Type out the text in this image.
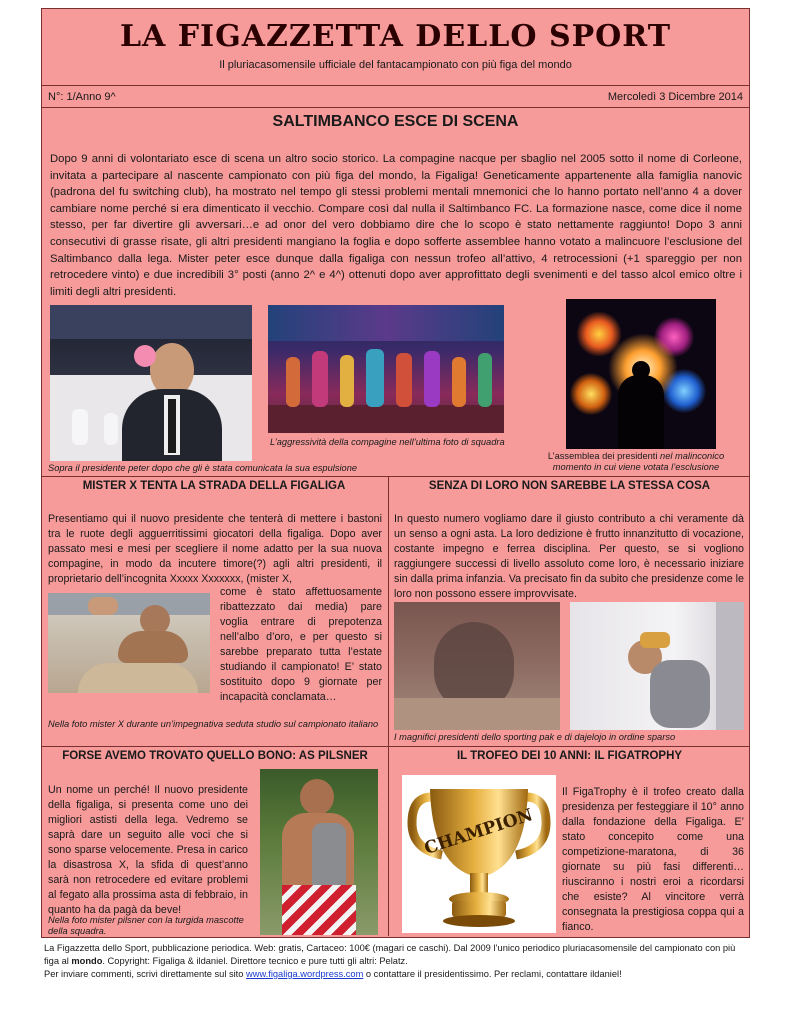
LA FIGAZZETTA DELLO SPORT
Il pluriacasomensile ufficiale del fantacampionato con più figa del mondo
N°: 1/Anno 9^	Mercoledì 3 Dicembre 2014
SALTIMBANCO ESCE DI SCENA
Dopo 9 anni di volontariato esce di scena un altro socio storico. La compagine nacque per sbaglio nel 2005 sotto il nome di Corleone, invitata a partecipare al nascente campionato con più figa del mondo, la Figaliga! Geneticamente appartenente alla famiglia nanovic (padrona del fu switching club), ha mostrato nel tempo gli stessi problemi mentali mnemonici che lo hanno portato nell’anno 4 a dover cambiare nome perché si era dimenticato il vecchio. Compare così dal nulla il Saltimbanco FC. La formazione nasce, come dice il nome stesso, per far divertire gli avversari…e ad onor del vero dobbiamo dire che lo scopo è stato nettamente raggiunto! Dopo 3 anni consecutivi di grasse risate, gli altri presidenti mangiano la foglia e dopo sofferte assemblee hanno votato a malincuore l’esclusione del Saltimbanco dalla lega. Mister peter esce dunque dalla figaliga con nessun trofeo all’attivo, 4 retrocessioni (+1 spareggio per non retrocedere vinto) e due incredibili 3° posti (anno 2^ e 4^) ottenuti dopo aver approfittato degli svenimenti e del tasso alcol emico oltre i limiti degli altri presidenti.
Sopra il presidente peter dopo che gli è stata comunicata la sua espulsione
L’aggressività della compagine nell’ultima foto di squadra
L’assemblea dei presidenti nel malinconico momento in cui viene votata l’esclusione
MISTER X TENTA LA STRADA DELLA FIGALIGA
Presentiamo qui il nuovo presidente che tenterà di mettere i bastoni tra le ruote degli agguerritissimi giocatori della figaliga. Dopo aver passato mesi e mesi per scegliere il nome adatto per la sua nuova compagine, in modo da incutere timore(?) agli altri presidenti, il proprietario dell’incognita Xxxxx Xxxxxxx, (mister X,
come è stato affettuosamente ribattezzato dai media) pare voglia entrare di prepotenza nell’albo d’oro, e per questo si sarebbe preparato tutta l’estate studiando il campionato! E’ stato sostituito dopo 9 giornate per incapacità conclamata…
Nella foto mister X durante un’impegnativa seduta studio sul campionato italiano
SENZA DI LORO NON SAREBBE LA STESSA COSA
In questo numero vogliamo dare il giusto contributo a chi veramente dà un senso a ogni asta. La loro dedizione è frutto innanzitutto di vocazione, costante impegno e ferrea disciplina. Per questo, se si vogliono raggiungere successi di livello assoluto come loro, è necessario iniziare sin dalla prima infanzia. Va precisato fin da subito che presidenze come le loro non possono essere improvvisate.
I magnifici presidenti dello sporting pak e di dajelojo in ordine sparso
FORSE AVEMO TROVATO QUELLO BONO: AS PILSNER
Un nome un perché! Il nuovo presidente della figaliga, si presenta come uno dei migliori astisti della lega. Vedremo se saprà dare un seguito alle voci che si sono sparse velocemente. Presa in carico la disastrosa X, la sfida di quest’anno sarà non retrocedere ed evitare problemi al fegato alla prossima asta di febbraio, in quanto ha da pagà da beve!
Nella foto mister pilsner con la turgida mascotte della squadra.
IL TROFEO DEI 10 ANNI: IL FIGATROPHY
CHAMPION
Il FigaTrophy è il trofeo creato dalla presidenza per festeggiare il 10° anno dalla fondazione della Figaliga. E’ stato concepito come una competizione-maratona, di 36 giornate su più fasi differenti…riusciranno i nostri eroi a ricordarsi che esiste? Al vincitore verrà consegnata la prestigiosa coppa qui a fianco.
La Figazzetta dello Sport, pubblicazione periodica. Web: gratis, Cartaceo: 100€ (magari ce caschi). Dal 2009 l’unico periodico pluriacasomensile del campionato con più figa al mondo. Copyright: Figaliga & ildaniel. Direttore tecnico e pure tutti gli altri: Pelatz.
Per inviare commenti, scrivi direttamente sul sito www.figaliga.wordpress.com o contattare il presidentissimo. Per reclami, contattare ildaniel!
